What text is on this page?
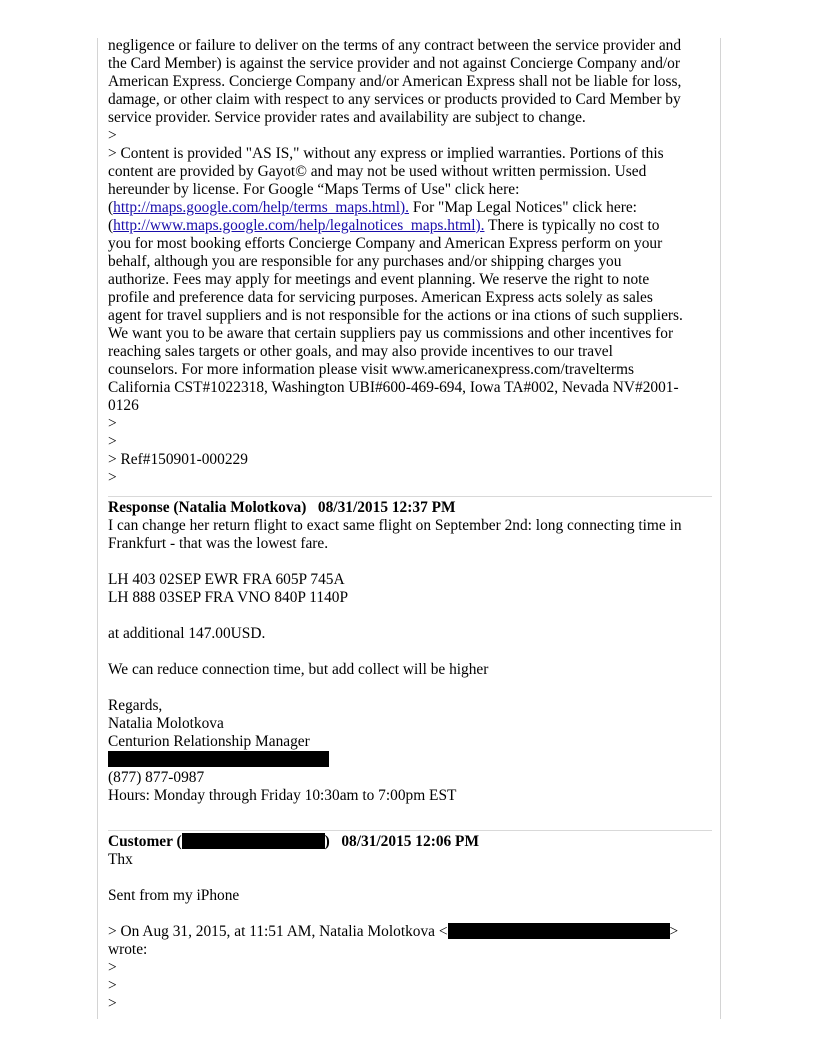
negligence or failure to deliver on the terms of any contract between the service provider and
the Card Member) is against the service provider and not against Concierge Company and/or
American Express. Concierge Company and/or American Express shall not be liable for loss,
damage, or other claim with respect to any services or products provided to Card Member by
service provider. Service provider rates and availability are subject to change.
>
> Content is provided "AS IS," without any express or implied warranties. Portions of this
content are provided by Gayot© and may not be used without written permission. Used
hereunder by license. For Google “Maps Terms of Use" click here:
(http://maps.google.com/help/terms_maps.html). For "Map Legal Notices" click here:
(http://www.maps.google.com/help/legalnotices_maps.html). There is typically no cost to
you for most booking efforts Concierge Company and American Express perform on your
behalf, although you are responsible for any purchases and/or shipping charges you
authorize. Fees may apply for meetings and event planning. We reserve the right to note
profile and preference data for servicing purposes. American Express acts solely as sales
agent for travel suppliers and is not responsible for the actions or ina ctions of such suppliers.
We want you to be aware that certain suppliers pay us commissions and other incentives for
reaching sales targets or other goals, and may also provide incentives to our travel
counselors. For more information please visit www.americanexpress.com/travelterms
California CST#1022318, Washington UBI#600-469-694, Iowa TA#002, Nevada NV#2001-
0126
>
>
> Ref#150901-000229
>
Response (Natalia Molotkova)   08/31/2015 12:37 PM
I can change her return flight to exact same flight on September 2nd: long connecting time in
Frankfurt - that was the lowest fare.
LH 403 02SEP EWR FRA 605P 745A
LH 888 03SEP FRA VNO 840P 1140P
at additional 147.00USD.
We can reduce connection time, but add collect will be higher
Regards,
Natalia Molotkova
Centurion Relationship Manager
(877) 877-0987
Hours: Monday through Friday 10:30am to 7:00pm EST
Customer (	)   08/31/2015 12:06 PM
Thx
Sent from my iPhone
> On Aug 31, 2015, at 11:51 AM, Natalia Molotkova <	>
wrote:
>
>
>
